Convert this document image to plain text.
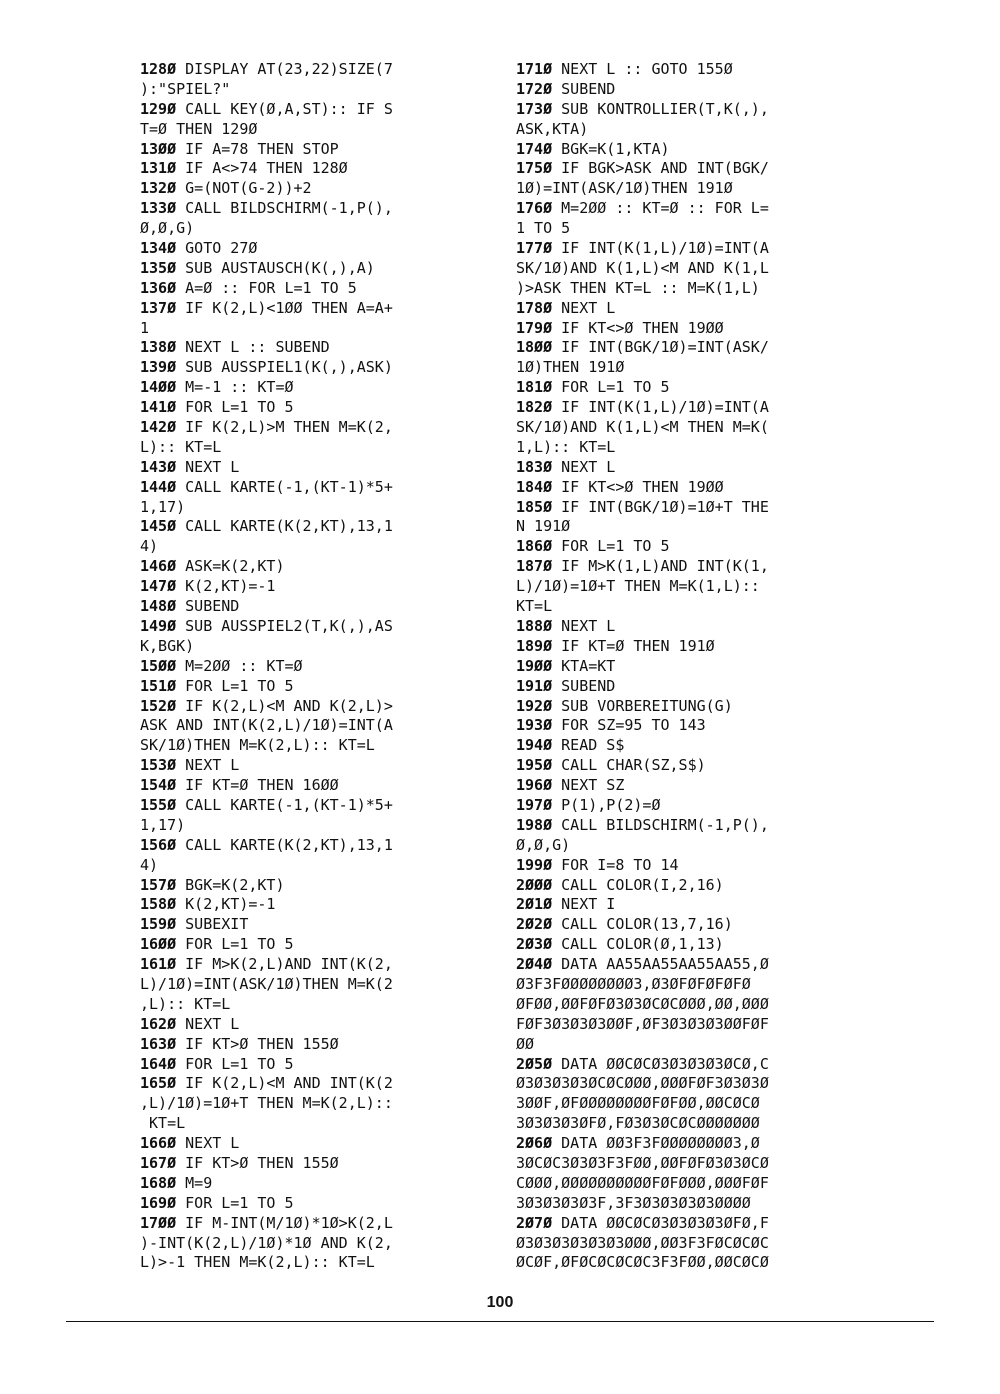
128Ø DISPLAY AT(23,22)SIZE(7
):"SPIEL?"
129Ø CALL KEY(Ø,A,ST):: IF S
T=Ø THEN 129Ø
13ØØ IF A=78 THEN STOP
131Ø IF A<>74 THEN 128Ø
132Ø G=(NOT(G-2))+2
133Ø CALL BILDSCHIRM(-1,P(),
Ø,Ø,G)
134Ø GOTO 27Ø
135Ø SUB AUSTAUSCH(K(,),A)
136Ø A=Ø :: FOR L=1 TO 5
137Ø IF K(2,L)<1ØØ THEN A=A+
1
138Ø NEXT L :: SUBEND
139Ø SUB AUSSPIEL1(K(,),ASK)
14ØØ M=-1 :: KT=Ø
141Ø FOR L=1 TO 5
142Ø IF K(2,L)>M THEN M=K(2,
L):: KT=L
143Ø NEXT L
144Ø CALL KARTE(-1,(KT-1)*5+
1,17)
145Ø CALL KARTE(K(2,KT),13,1
4)
146Ø ASK=K(2,KT)
147Ø K(2,KT)=-1
148Ø SUBEND
149Ø SUB AUSSPIEL2(T,K(,),AS
K,BGK)
15ØØ M=2ØØ :: KT=Ø
151Ø FOR L=1 TO 5
152Ø IF K(2,L)<M AND K(2,L)>
ASK AND INT(K(2,L)/1Ø)=INT(A
SK/1Ø)THEN M=K(2,L):: KT=L
153Ø NEXT L
154Ø IF KT=Ø THEN 16ØØ
155Ø CALL KARTE(-1,(KT-1)*5+
1,17)
156Ø CALL KARTE(K(2,KT),13,1
4)
157Ø BGK=K(2,KT)
158Ø K(2,KT)=-1
159Ø SUBEXIT
16ØØ FOR L=1 TO 5
161Ø IF M>K(2,L)AND INT(K(2,
L)/1Ø)=INT(ASK/1Ø)THEN M=K(2
,L):: KT=L
162Ø NEXT L
163Ø IF KT>Ø THEN 155Ø
164Ø FOR L=1 TO 5
165Ø IF K(2,L)<M AND INT(K(2
,L)/1Ø)=1Ø+T THEN M=K(2,L)::
KT=L
166Ø NEXT L
167Ø IF KT>Ø THEN 155Ø
168Ø M=9
169Ø FOR L=1 TO 5
17ØØ IF M-INT(M/1Ø)*1Ø>K(2,L
)-INT(K(2,L)/1Ø)*1Ø AND K(2,
L)>-1 THEN M=K(2,L):: KT=L
171Ø NEXT L :: GOTO 155Ø
172Ø SUBEND
173Ø SUB KONTROLLIER(T,K(,),
ASK,KTA)
174Ø BGK=K(1,KTA)
175Ø IF BGK>ASK AND INT(BGK/
1Ø)=INT(ASK/1Ø)THEN 191Ø
176Ø M=2ØØ :: KT=Ø :: FOR L=
1 TO 5
177Ø IF INT(K(1,L)/1Ø)=INT(A
SK/1Ø)AND K(1,L)<M AND K(1,L
)>ASK THEN KT=L :: M=K(1,L)
178Ø NEXT L
179Ø IF KT<>Ø THEN 19ØØ
18ØØ IF INT(BGK/1Ø)=INT(ASK/
1Ø)THEN 191Ø
181Ø FOR L=1 TO 5
182Ø IF INT(K(1,L)/1Ø)=INT(A
SK/1Ø)AND K(1,L)<M THEN M=K(
1,L):: KT=L
183Ø NEXT L
184Ø IF KT<>Ø THEN 19ØØ
185Ø IF INT(BGK/1Ø)=1Ø+T THE
N 191Ø
186Ø FOR L=1 TO 5
187Ø IF M>K(1,L)AND INT(K(1,
L)/1Ø)=1Ø+T THEN M=K(1,L)::
KT=L
188Ø NEXT L
189Ø IF KT=Ø THEN 191Ø
19ØØ KTA=KT
191Ø SUBEND
192Ø SUB VORBEREITUNG(G)
193Ø FOR SZ=95 TO 143
194Ø READ S$
195Ø CALL CHAR(SZ,S$)
196Ø NEXT SZ
197Ø P(1),P(2)=Ø
198Ø CALL BILDSCHIRM(-1,P(),
Ø,Ø,G)
199Ø FOR I=8 TO 14
2ØØØ CALL COLOR(I,2,16)
2Ø1Ø NEXT I
2Ø2Ø CALL COLOR(13,7,16)
2Ø3Ø CALL COLOR(Ø,1,13)
2Ø4Ø DATA AA55AA55AA55AA55,Ø
Ø3F3FØØØØØØØØ3,Ø3ØFØFØFØFØ
ØFØØ,ØØFØFØ3Ø3ØCØCØØØ,ØØ,ØØØ
FØF3Ø3Ø3Ø3ØØF,ØF3Ø3Ø3Ø3ØØFØF
ØØ
2Ø5Ø DATA ØØCØCØ3Ø3Ø3Ø3ØCØ,C
Ø3Ø3Ø3Ø3ØCØCØØØ,ØØØFØF3Ø3Ø3Ø
3ØØF,ØFØØØØØØØØFØFØØ,ØØCØCØ
3Ø3Ø3Ø3ØFØ,FØ3Ø3ØCØCØØØØØØØ
2Ø6Ø DATA ØØ3F3FØØØØØØØØ3,Ø
3ØCØC3Ø3Ø3F3FØØ,ØØFØFØ3Ø3ØCØ
CØØØ,ØØØØØØØØØØFØFØØØ,ØØØFØF
3Ø3Ø3Ø3Ø3F,3F3Ø3Ø3Ø3Ø3ØØØØ
2Ø7Ø DATA ØØCØCØ3Ø3Ø3Ø3ØFØ,F
Ø3Ø3Ø3Ø3Ø3Ø3ØØØ,ØØ3F3FØCØCØC
ØCØF,ØFØCØCØCØC3F3FØØ,ØØCØCØ
100
